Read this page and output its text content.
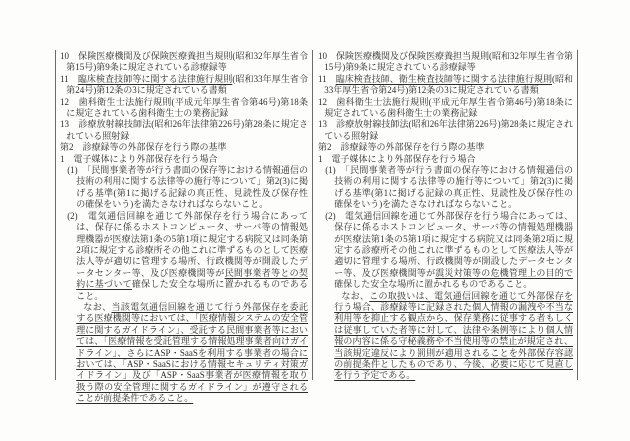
10　保険医療機関及び保険医療養担当規則(昭和32年厚生省令第15号)第9条に規定されている診療録等
11　臨床検査技師等に関する法律施行規則(昭和33年厚生省令第24号)第12条の3に規定されている書類
12　歯科衛生士法施行規則(平成元年厚生省令第46号)第18条に規定されている歯科衛生士の業務記録
13　診療放射線技師法(昭和26年法律第226号)第28条に規定されている照射録
第2　診療録等の外部保存を行う際の基準
1　電子媒体により外部保存を行う場合
(1)　「民間事業者等が行う書面の保存等における情報通信の技術の利用に関する法律等の施行等について」第2(3)に掲げる基準(第1に掲げる記録の真正性、見読性及び保存性の確保をいう)を満たさなければならないこと。
(2)　電気通信回線を通じて外部保存を行う場合にあっては、保存に係るホストコンピュータ、サーバ等の情報処理機器が医療法第1条の5第1項に規定する病院又は同条第2項に規定する診療所その他これに準ずるものとして医療法人等が適切に管理する場所、行政機関等が開設したデータセンター等、及び医療機関等が民間事業者等との契約に基づいて確保した安全な場所に置かれるものであること。
なお、当該電気通信回線を通じて行う外部保存を委託する医療機関等においては、「医療情報システムの安全管理に関するガイドライン」、受託する民間事業者等においては、「医療情報を受託管理する情報処理事業者向けガイドライン」、さらにASP・SaaSを利用する事業者の場合においては、「ASP・SaaSにおける情報セキュリティ対策ガイドライン」及び「ASP・SaaS事業者が医療情報を取り扱う際の安全管理に関するガイドライン」が遵守されることが前提条件であること。
10　保険医療機関及び保険医療養担当規則(昭和32年厚生省令第15号)第9条に規定されている診療録等
11　臨床検査技師、衛生検査技師等に関する法律施行規則(昭和33年厚生省令第24号)第12条の3に規定されている書類
12　歯科衛生士法施行規則(平成元年厚生省令第46号)第18条に規定されている歯科衛生士の業務記録
13　診療放射線技師法(昭和26年法律第226号)第28条に規定されている照射録
第2　診療録等の外部保存を行う際の基準
1　電子媒体により外部保存を行う場合
(1)　「民間事業者等が行う書面の保存等における情報通信の技術の利用に関する法律等の施行等について」第2(3)に掲げる基準(第1に掲げる記録の真正性、見読性及び保存性の確保をいう)を満たさなければならないこと。
(2)　電気通信回線を通じて外部保存を行う場合にあっては、保存に係るホストコンピュータ、サーバ等の情報処理機器が医療法第1条の5第1項に規定する病院又は同条第2項に規定する診療所その他これに準ずるものとして医療法人等が適切に管理する場所、行政機関等が開設したデータセンター等、及び医療機関等が震災対策等の危機管理上の目的で確保した安全な場所に置かれるものであること。
なお、この取扱いは、電気通信回線を通じて外部保存を行う場合、診療録等に記録された個人情報の漏洩や不当な利用等を抑止する観点から、保存業務に従事する者もしくは従事していた者等に対して、法律や条例等により個人情報の内容に係る守秘義務や不当使用等の禁止が規定され、当該規定違反により罰則が適用されることを外部保存容認の前提条件としたものであり、今後、必要に応じて見直しを行う予定である。
